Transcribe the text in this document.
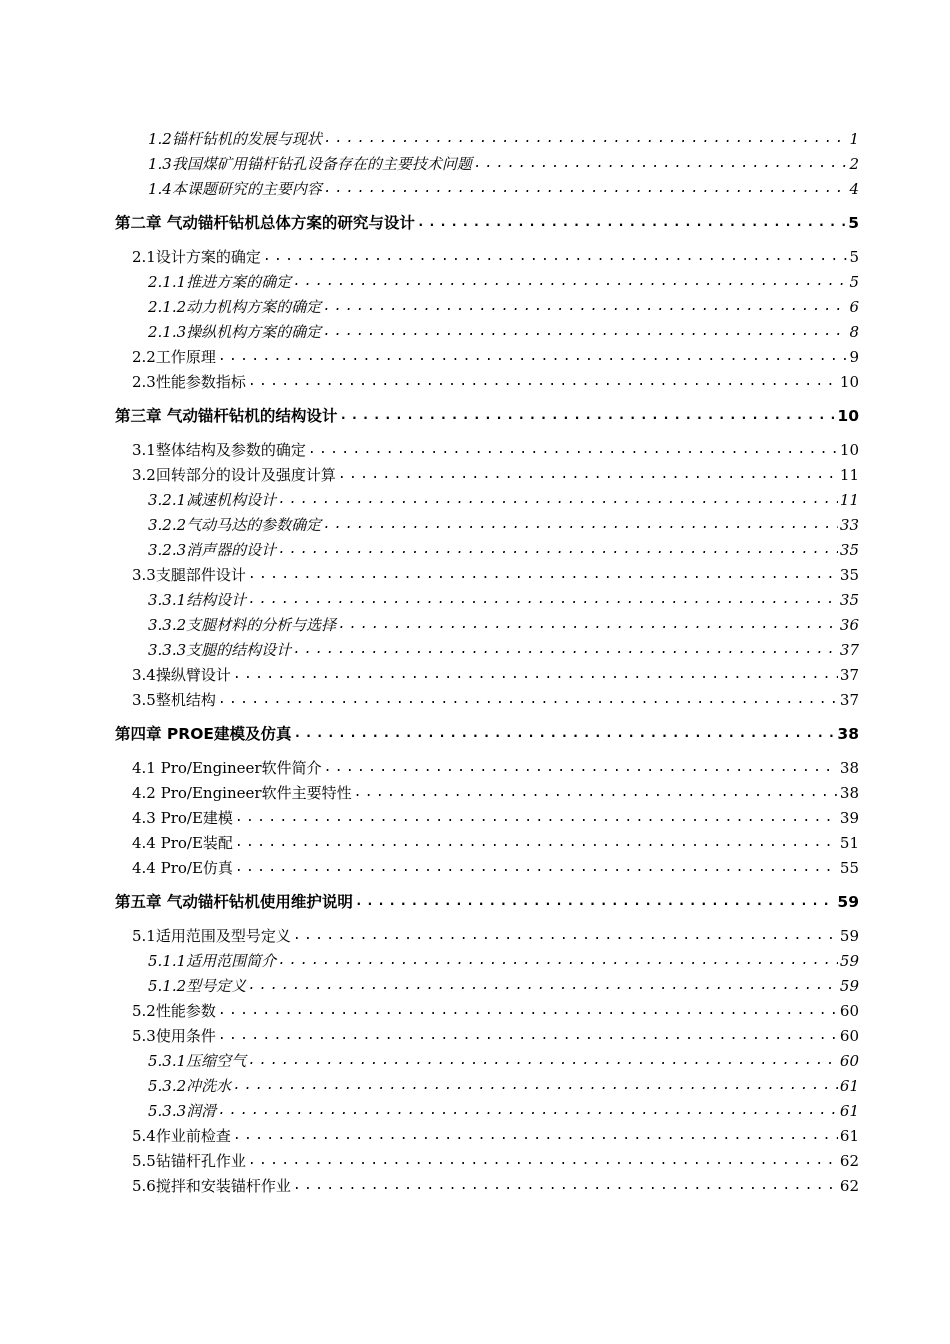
1.2锚杆钻机的发展与现状 .....	1
1.3我国煤矿用锚杆钻孔设备存在的主要技术问题 .....	2
1.4本课题研究的主要内容 .....	4
第二章 气动锚杆钻机总体方案的研究与设计 .....	5
2.1设计方案的确定 .....	5
2.1.1推进方案的确定 .....	5
2.1.2动力机构方案的确定 .....	6
2.1.3操纵机构方案的确定 .....	8
2.2工作原理 .....	9
2.3性能参数指标 .....	10
第三章 气动锚杆钻机的结构设计 .....	10
3.1整体结构及参数的确定 .....	10
3.2回转部分的设计及强度计算 .....	11
3.2.1减速机构设计 .....	11
3.2.2气动马达的参数确定 .....	33
3.2.3消声器的设计 .....	35
3.3支腿部件设计 .....	35
3.3.1结构设计 .....	35
3.3.2支腿材料的分析与选择 .....	36
3.3.3支腿的结构设计 .....	37
3.4操纵臂设计 .....	37
3.5整机结构 .....	37
第四章 PROE建模及仿真 .....	38
4.1 Pro/Engineer软件简介 .....	38
4.2 Pro/Engineer软件主要特性 .....	38
4.3 Pro/E建模 .....	39
4.4 Pro/E装配 .....	51
4.4 Pro/E仿真 .....	55
第五章 气动锚杆钻机使用维护说明 .....	59
5.1适用范围及型号定义 .....	59
5.1.1适用范围简介 .....	59
5.1.2型号定义 .....	59
5.2性能参数 .....	60
5.3使用条件 .....	60
5.3.1压缩空气 .....	60
5.3.2冲洗水 .....	61
5.3.3润滑 .....	61
5.4作业前检查 .....	61
5.5钻锚杆孔作业 .....	62
5.6搅拌和安装锚杆作业 .....	62
